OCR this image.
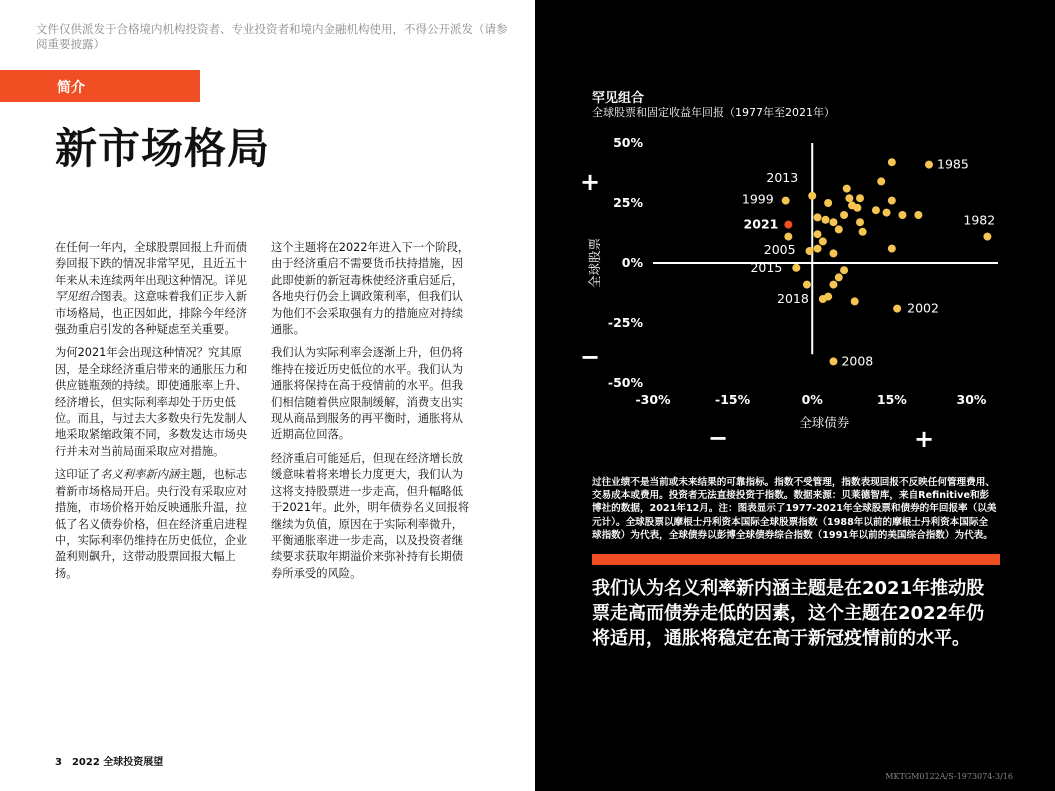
文件仅供派发于合格境内机构投资者、专业投资者和境内金融机构使用，不得公开派发（请参阅重要披露）
简介
新市场格局

在任何一年内，全球股票回报上升而债券回报下跌的情况非常罕见，且近五十年来从未连续两年出现这种情况。详见罕见组合图表。这意味着我们正步入新市场格局，也正因如此，排除今年经济强劲重启引发的各种疑虑至关重要。

为何2021年会出现这种情况？究其原因，是全球经济重启带来的通胀压力和供应链瓶颈的持续。即使通胀率上升、经济增长，但实际利率却处于历史低位。而且，与过去大多数央行先发制人地采取紧缩政策不同，多数发达市场央行并未对当前局面采取应对措施。

这印证了名义利率新内涵主题，也标志着新市场格局开启。央行没有采取应对措施，市场价格开始反映通胀升温，拉低了名义债券价格，但在经济重启进程中，实际利率仍维持在历史低位，企业盈利则飙升，这带动股票回报大幅上扬。

这个主题将在2022年进入下一个阶段，由于经济重启不需要货币扶持措施，因此即使新的新冠毒株使经济重启延后，各地央行仍会上调政策利率，但我们认为他们不会采取强有力的措施应对持续通胀。

我们认为实际利率会逐渐上升，但仍将维持在接近历史低位的水平。我们认为通胀将保持在高于疫情前的水平。但我们相信随着供应限制缓解，消费支出实现从商品到服务的再平衡时，通胀将从近期高位回落。

经济重启可能延后，但现在经济增长放缓意味着将来增长力度更大，我们认为这将支持股票进一步走高，但升幅略低于2021年。此外，明年债券名义回报将继续为负值，原因在于实际利率微升，平衡通胀率进一步走高，以及投资者继续要求获取年期溢价来弥补持有长期债券所承受的风险。

3 2022 全球投资展望
罕见组合
全球股票和固定收益年回报（1977年至2021年）
50%
25%
0%
-25%
-50%
-30%	-15%	0%	15%	30%
全球债券
全球股票
+
−
−	+
1985
2013
1999
2021	1982
2005
2015
2018
2002
2008
过往业绩不是当前或未来结果的可靠指标。指数不受管理，指数表现回报不反映任何管理费用、交易成本或费用。投资者无法直接投资于指数。数据来源：贝莱德智库，来自Refinitive和彭博社的数据，2021年12月。注：图表显示了1977-2021年全球股票和债券的年回报率（以美元计）。全球股票以摩根士丹利资本国际全球股票指数（1988年以前的摩根士丹利资本国际全球指数）为代表，全球债券以彭博全球债券综合指数（1991年以前的美国综合指数）为代表。
我们认为名义利率新内涵主题是在2021年推动股票走高而债券走低的因素，这个主题在2022年仍将适用，通胀将稳定在高于新冠疫情前的水平。
MKTGM0122A/S-1973074-3/16
